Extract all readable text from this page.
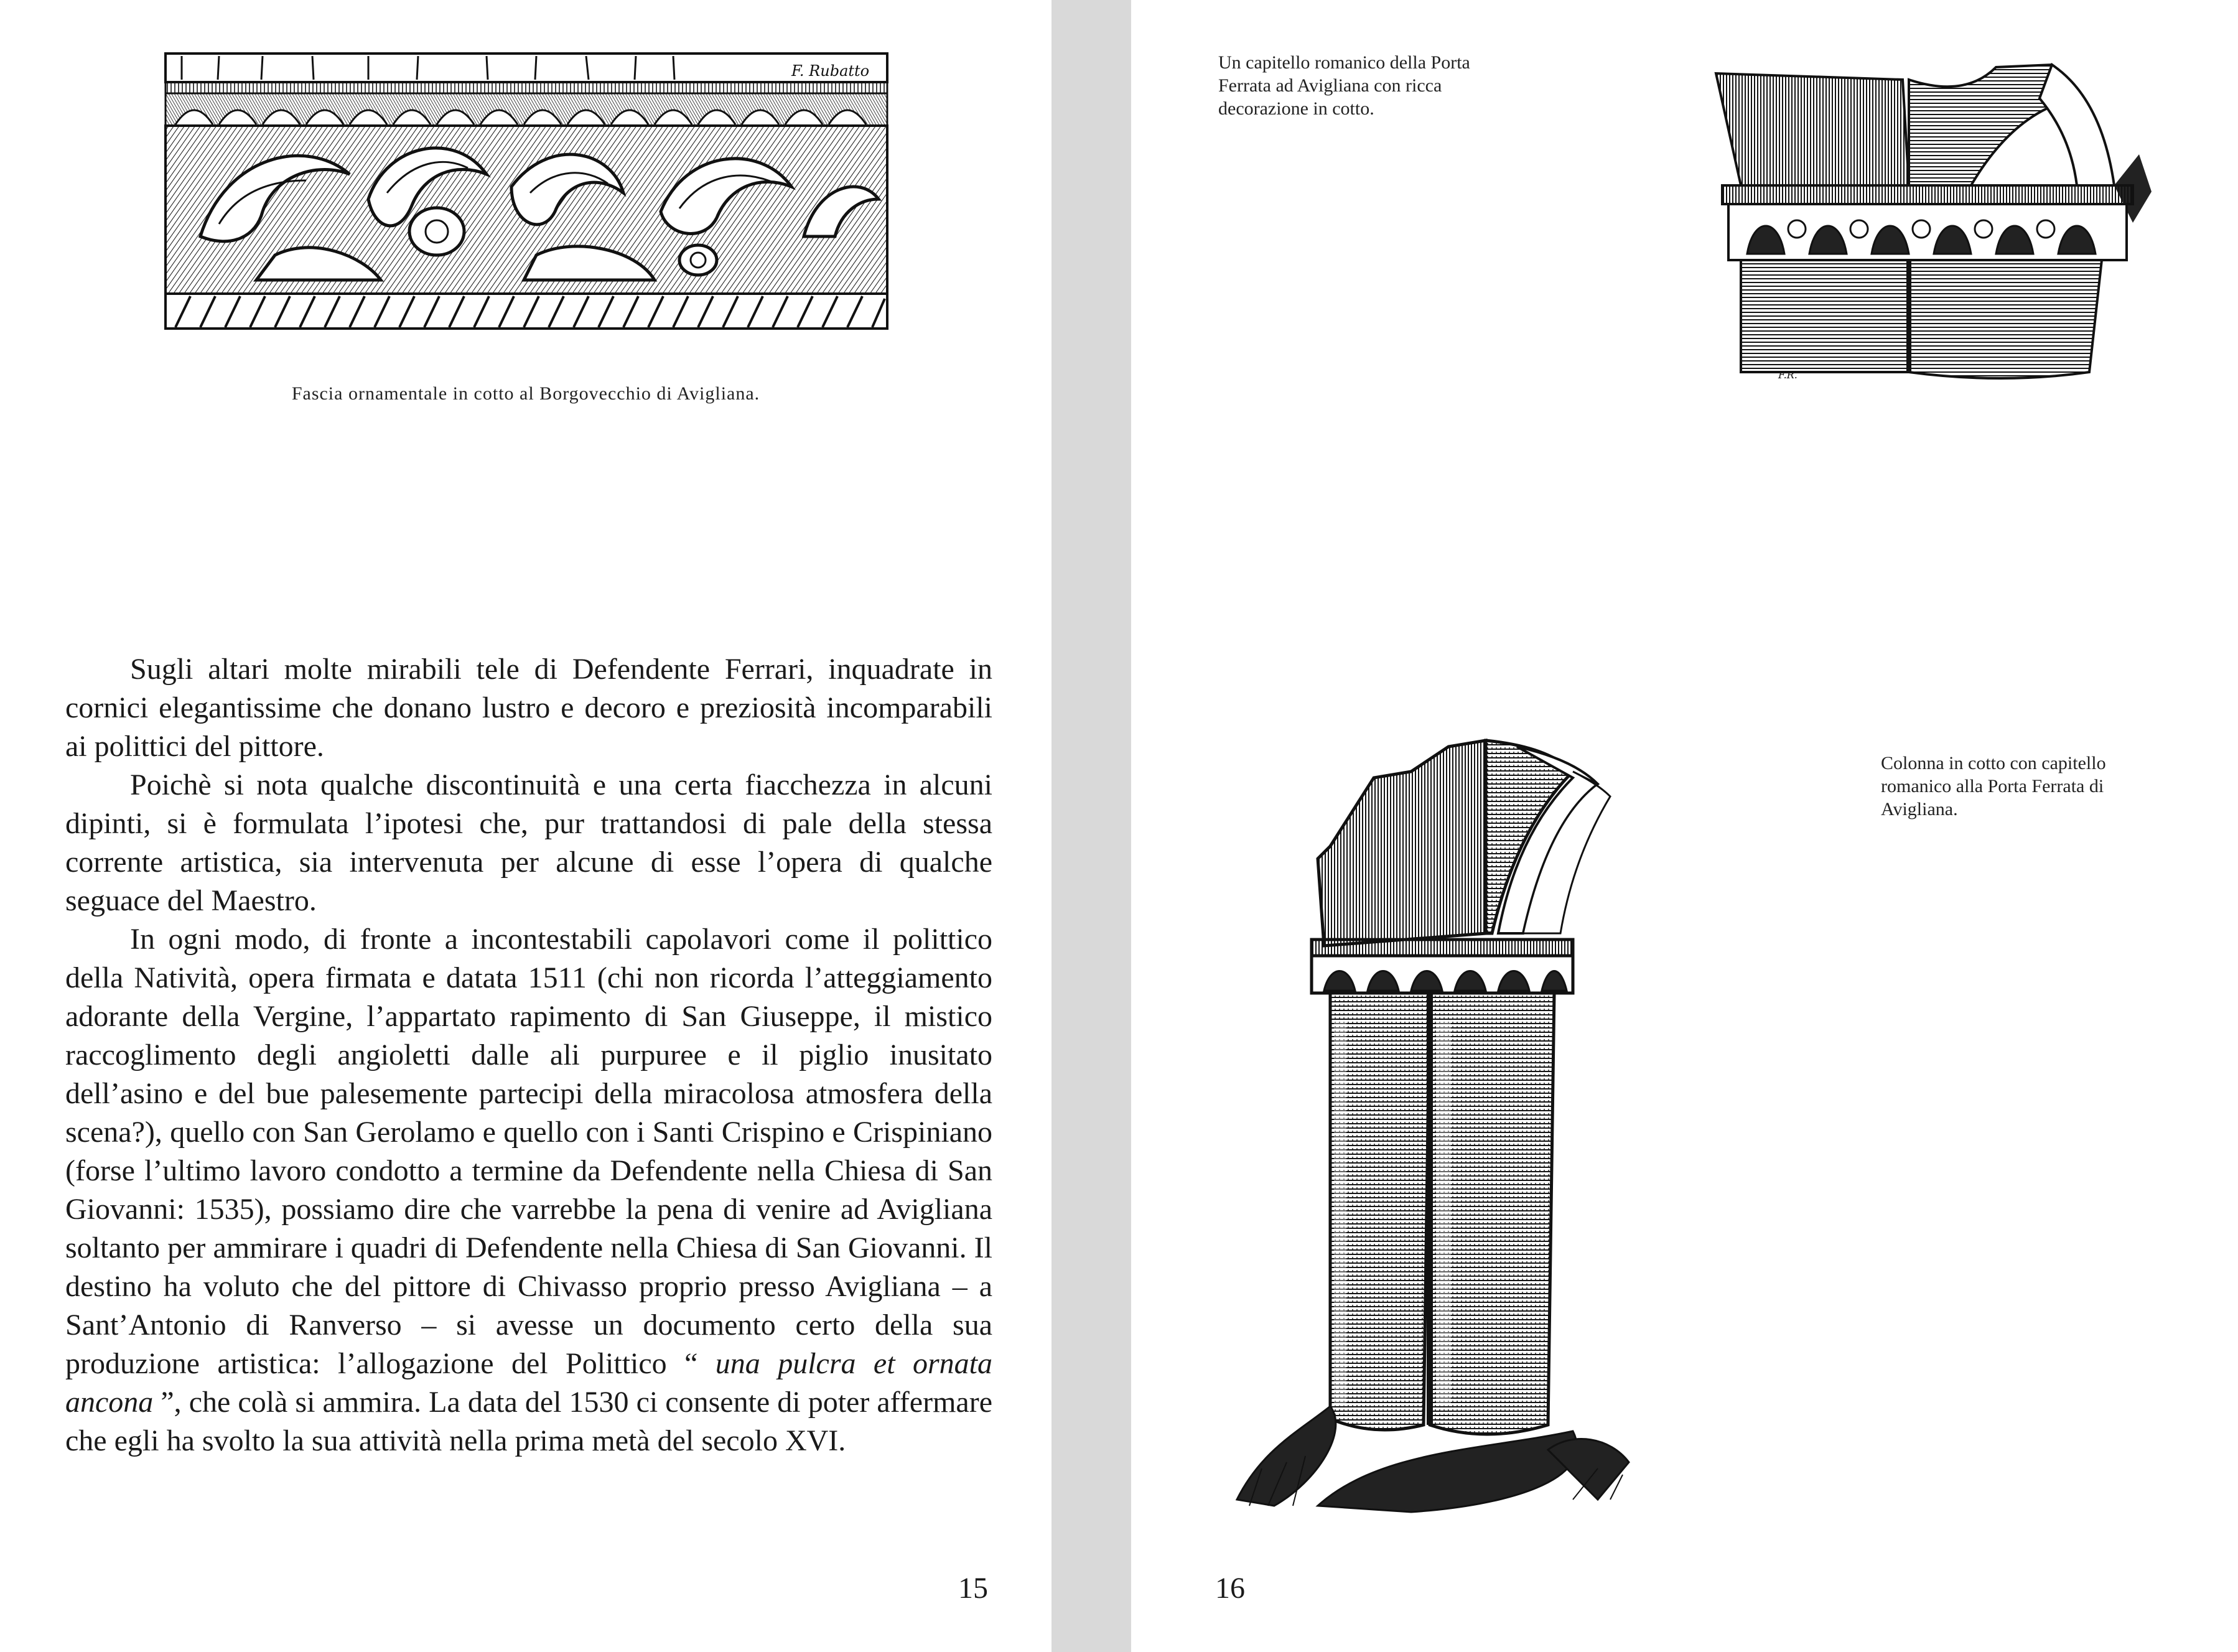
F. Rubatto
Fascia ornamentale in cotto al Borgovecchio di Avigliana.

Sugli altari molte mirabili tele di Defendente Ferrari, inquadrate in cornici elegantissime che donano lustro e decoro e preziosità incomparabili ai polittici del pittore.

Poichè si nota qualche discontinuità e una certa fiacchezza in alcuni dipinti, si è formulata l’ipotesi che, pur trattandosi di pale della stessa corrente artistica, sia intervenuta per alcune di esse l’opera di qualche seguace del Maestro.

In ogni modo, di fronte a incontestabili capolavori come il polittico della Natività, opera firmata e datata 1511 (chi non ricorda l’atteggiamento adorante della Vergine, l’appartato rapimento di San Giuseppe, il mistico raccoglimento degli angioletti dalle ali purpuree e il piglio inusitato dell’asino e del bue palesemente partecipi della miracolosa atmosfera della scena?), quello con San Gerolamo e quello con i Santi Crispino e Crispiniano (forse l’ultimo lavoro condotto a termine da Defendente nella Chiesa di San Giovanni: 1535), possiamo dire che varrebbe la pena di venire ad Avigliana soltanto per ammirare i quadri di Defendente nella Chiesa di San Giovanni. Il destino ha voluto che del pittore di Chivasso proprio presso Avigliana – a Sant’Antonio di Ranverso – si avesse un documento certo della sua produzione artistica: l’allogazione del Polittico “ una pulcra et ornata ancona ”, che colà si ammira. La data del 1530 ci consente di poter affermare che egli ha svolto la sua attività nella prima metà del secolo XVI.

15
Un capitello romanico della Porta Ferrata ad Avigliana con ricca decorazione in cotto.
F.R.
Colonna in cotto con capitello romanico alla Porta Ferrata di Avigliana.
16
